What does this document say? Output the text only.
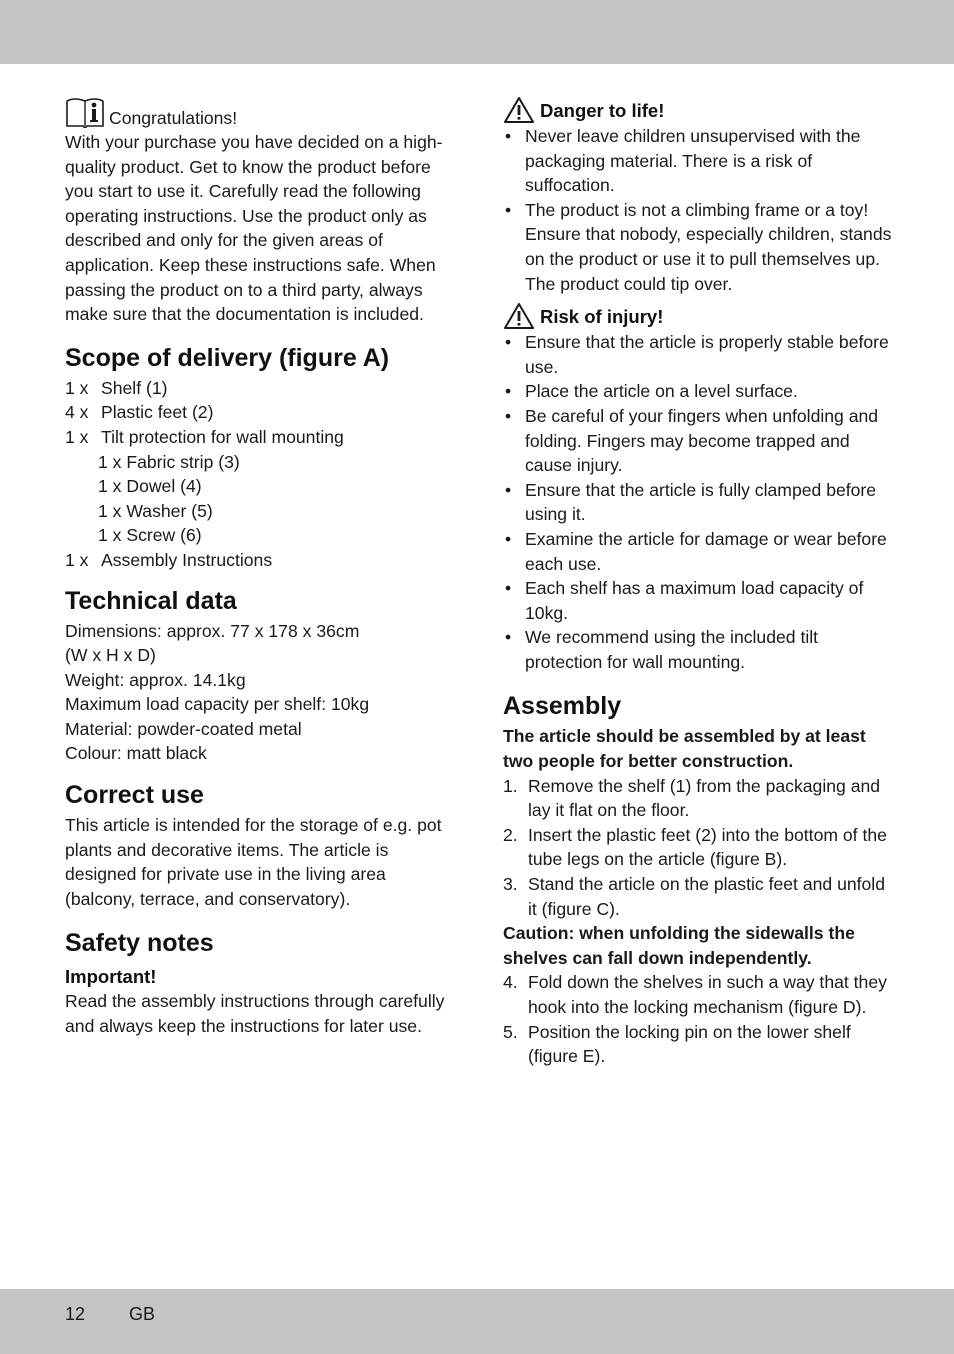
Congratulations!

With your purchase you have decided on a high-quality product. Get to know the product before you start to use it. Carefully read the following operating instructions. Use the product only as described and only for the given areas of application. Keep these instructions safe. When passing the product on to a third party, always make sure that the documentation is included.

Scope of delivery (figure A)
1 x Shelf (1)
4 x Plastic feet (2)
1 x Tilt protection for wall mounting
1 x Fabric strip (3)
1 x Dowel (4)
1 x Washer (5)
1 x Screw (6)
1 x Assembly Instructions
Technical data

Dimensions: approx. 77 x 178 x 36cm

(W x H x D)

Weight: approx. 14.1kg

Maximum load capacity per shelf: 10kg

Material: powder-coated metal

Colour: matt black

Correct use

This article is intended for the storage of e.g. pot plants and decorative items. The article is designed for private use in the living area (balcony, terrace, and conservatory).

Safety notes
Important!

Read the assembly instructions through carefully and always keep the instructions for later use.

Danger to life!
• Never leave children unsupervised with the packaging material. There is a risk of suffocation.
• The product is not a climbing frame or a toy! Ensure that nobody, especially children, stands on the product or use it to pull themselves up. The product could tip over.
Risk of injury!
• Ensure that the article is properly stable before use.
• Place the article on a level surface.
• Be careful of your fingers when unfolding and folding. Fingers may become trapped and cause injury.
• Ensure that the article is fully clamped before using it.
• Examine the article for damage or wear before each use.
• Each shelf has a maximum load capacity of 10kg.
• We recommend using the included tilt protection for wall mounting.
Assembly

The article should be assembled by at least two people for better construction.

1. Remove the shelf (1) from the packaging and lay it flat on the floor.
2. Insert the plastic feet (2) into the bottom of the tube legs on the article (figure B).
3. Stand the article on the plastic feet and unfold it (figure C).

Caution: when unfolding the sidewalls the shelves can fall down independently.

4. Fold down the shelves in such a way that they hook into the locking mechanism (figure D).
5. Position the locking pin on the lower shelf (figure E).
12 GB
